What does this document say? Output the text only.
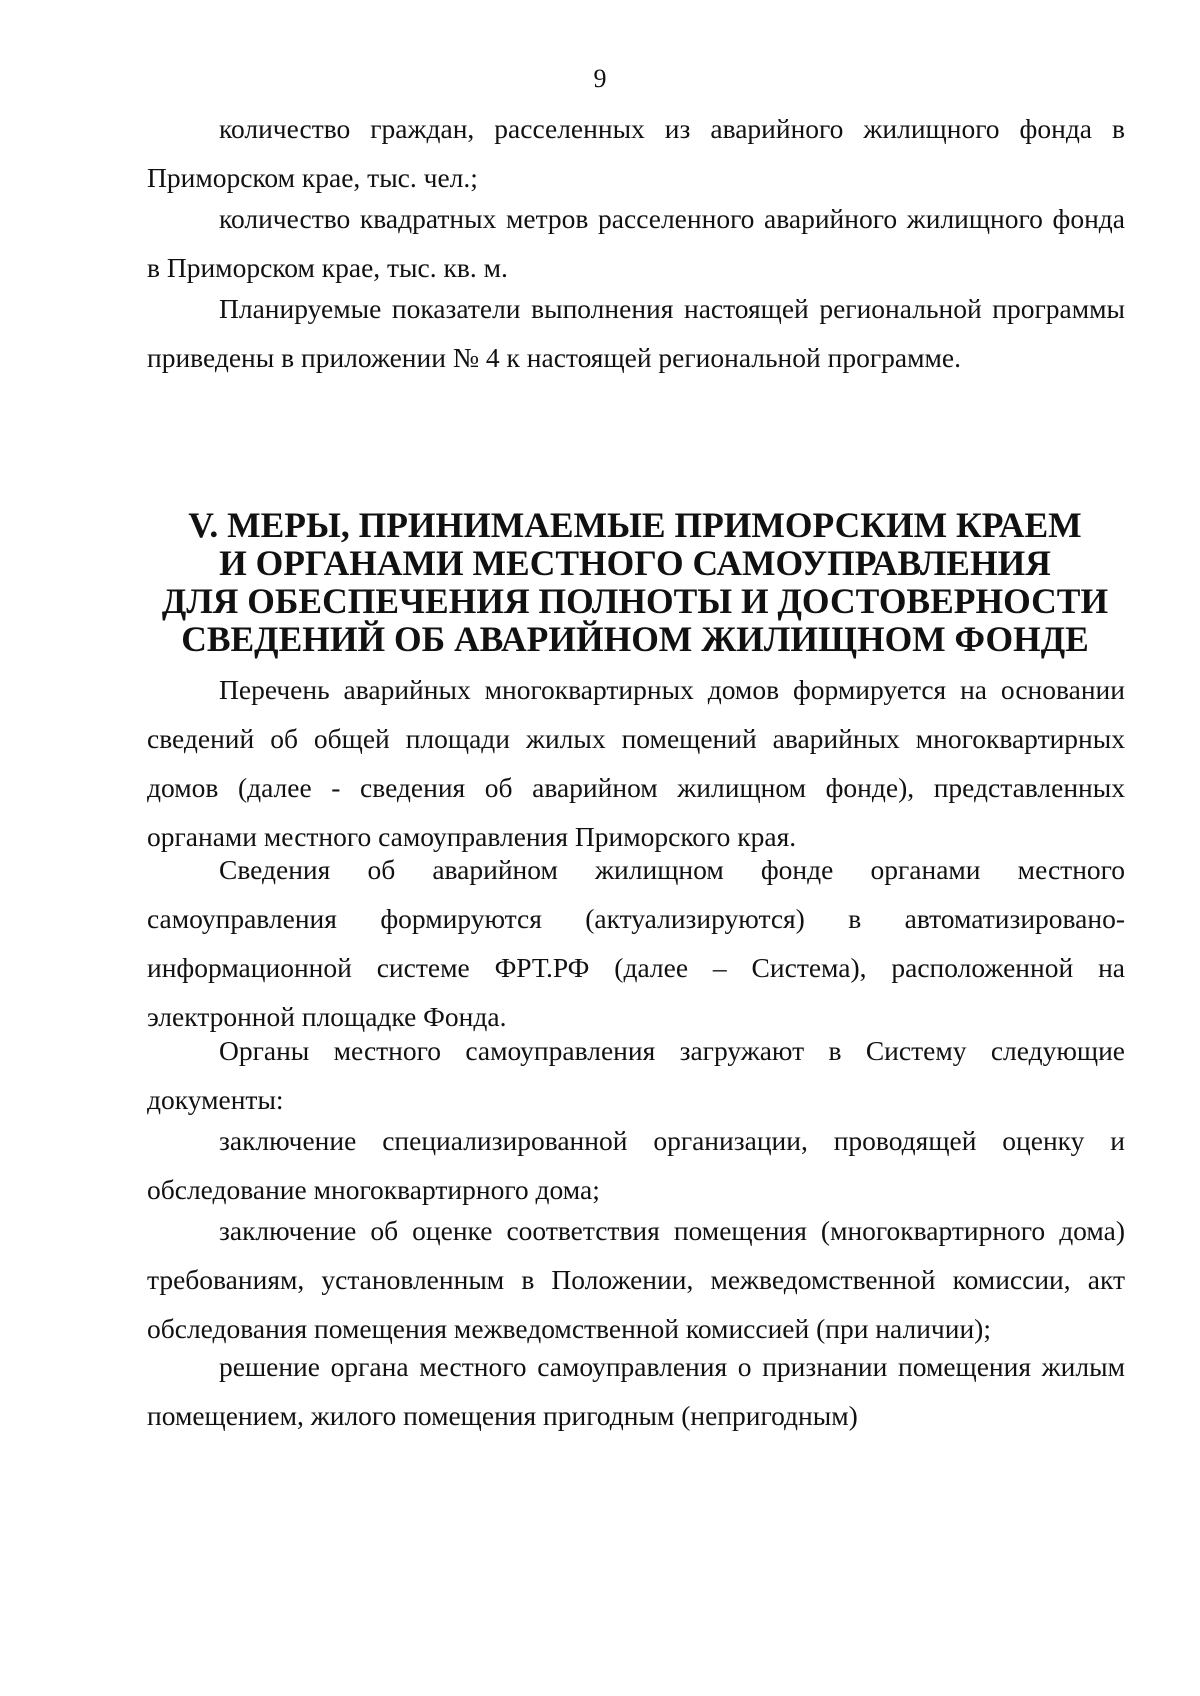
9

количество граждан, расселенных из аварийного жилищного фонда в Приморском крае, тыс. чел.;

количество квадратных метров расселенного аварийного жилищного фонда в Приморском крае, тыс. кв. м.

Планируемые показатели выполнения настоящей региональной программы приведены в приложении № 4 к настоящей региональной программе.

V. МЕРЫ, ПРИНИМАЕМЫЕ ПРИМОРСКИМ КРАЕМ
И ОРГАНАМИ МЕСТНОГО САМОУПРАВЛЕНИЯ
ДЛЯ ОБЕСПЕЧЕНИЯ ПОЛНОТЫ И ДОСТОВЕРНОСТИ
СВЕДЕНИЙ ОБ АВАРИЙНОМ ЖИЛИЩНОМ ФОНДЕ

Перечень аварийных многоквартирных домов формируется на основании сведений об общей площади жилых помещений аварийных многоквартирных домов (далее - сведения об аварийном жилищном фонде), представленных органами местного самоуправления Приморского края.

Сведения об аварийном жилищном фонде органами местного самоуправления формируются (актуализируются) в автоматизировано-информационной системе ФРТ.РФ (далее – Система), расположенной на электронной площадке Фонда.

Органы местного самоуправления загружают в Систему следующие документы:

заключение специализированной организации, проводящей оценку и обследование многоквартирного дома;

заключение об оценке соответствия помещения (многоквартирного дома) требованиям, установленным в Положении, межведомственной комиссии, акт обследования помещения межведомственной комиссией (при наличии);

решение органа местного самоуправления о признании помещения жилым помещением, жилого помещения пригодным (непригодным)
